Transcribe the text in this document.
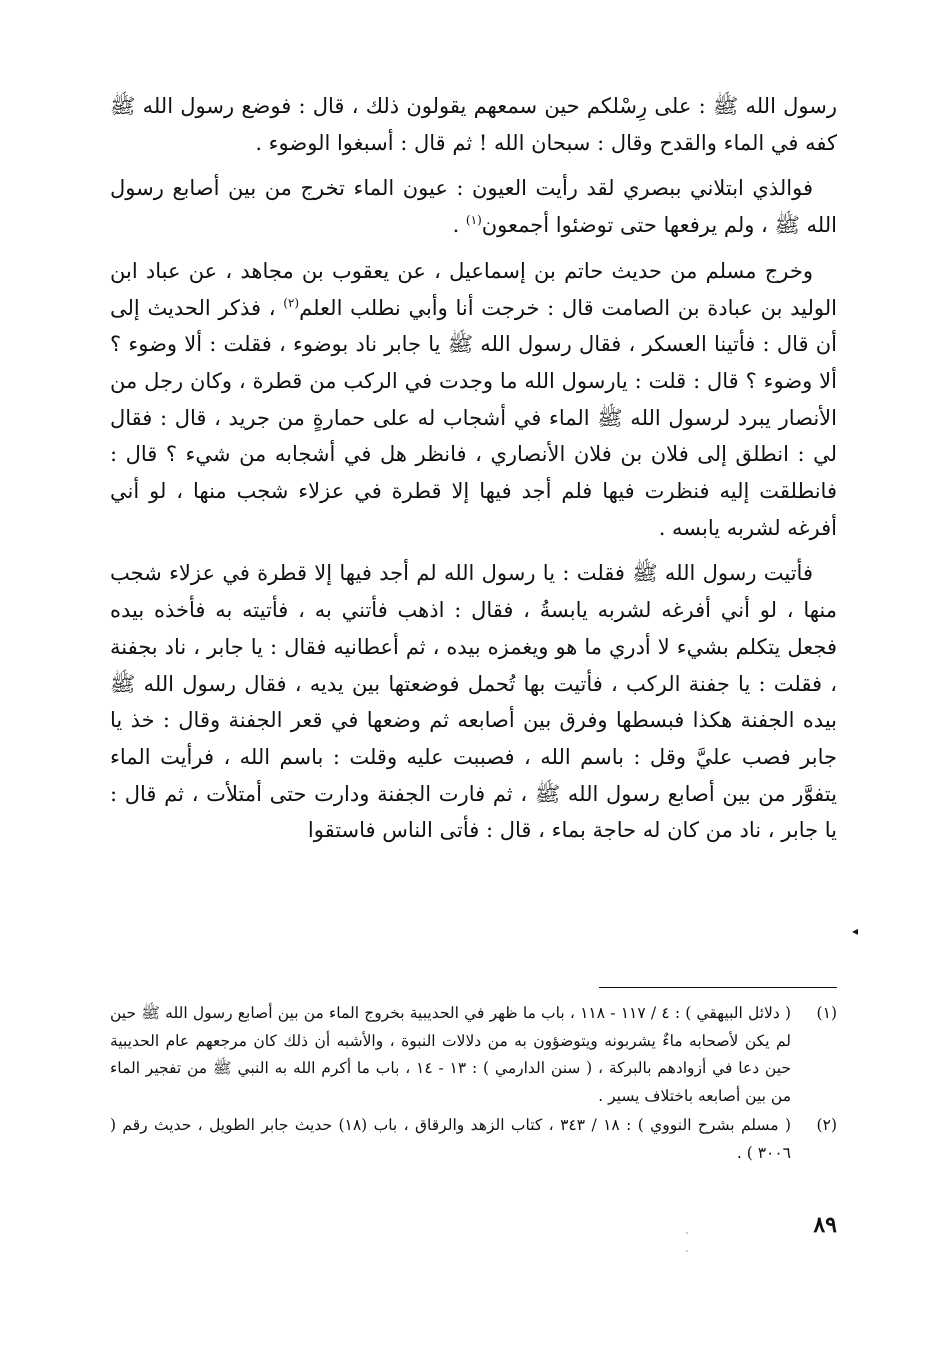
رسول الله ﷺ : على رِسْلكم حين سمعهم يقولون ذلك ، قال : فوضع رسول الله ﷺ كفه في الماء والقدح وقال : سبحان الله ! ثم قال : أسبغوا الوضوء .

فوالذي ابتلاني ببصري لقد رأيت العيون : عيون الماء تخرج من بين أصابع رسول الله ﷺ ، ولم يرفعها حتى توضئوا أجمعون$^{(١)}$ .

وخرج مسلم من حديث حاتم بن إسماعيل ، عن يعقوب بن مجاهد ، عن عباد ابن الوليد بن عبادة بن الصامت قال : خرجت أنا وأبي نطلب العلم$^{(٢)}$ ، فذكر الحديث إلى أن قال : فأتينا العسكر ، فقال رسول الله ﷺ يا جابر ناد بوضوء ، فقلت : ألا وضوء ؟ ألا وضوء ؟ قال : قلت : يارسول الله ما وجدت في الركب من قطرة ، وكان رجل من الأنصار يبرد لرسول الله ﷺ الماء في أشجاب له على حمارةٍ من جريد ، قال : فقال لي : انطلق إلى فلان بن فلان الأنصاري ، فانظر هل في أشجابه من شيء ؟ قال : فانطلقت إليه فنظرت فيها فلم أجد فيها إلا قطرة في عزلاء شجب منها ، لو أني أفرغه لشربه يابسه .

فأتيت رسول الله ﷺ فقلت : يا رسول الله لم أجد فيها إلا قطرة في عزلاء شجب منها ، لو أني أفرغه لشربه يابسةُ ، فقال : اذهب فأتني به ، فأتيته به فأخذه بيده فجعل يتكلم بشيء لا أدري ما هو ويغمزه بيده ، ثم أعطانيه فقال : يا جابر ، ناد بجفنة ، فقلت : يا جفنة الركب ، فأتيت بها تُحمل فوضعتها بين يديه ، فقال رسول الله ﷺ بيده الجفنة هكذا فبسطها وفرق بين أصابعه ثم وضعها في قعر الجفنة وقال : خذ يا جابر فصب عليَّ وقل : باسم الله ، فصببت عليه وقلت : باسم الله ، فرأيت الماء يتفوَّر من بين أصابع رسول الله ﷺ ، ثم فارت الجفنة ودارت حتى أمتلأت ، ثم قال : يا جابر ، ناد من كان له حاجة بماء ، قال : فأتى الناس فاستقوا

◂
(١)
( دلائل البيهقي ) : ٤ / ١١٧ - ١١٨ ، باب ما ظهر في الحديبية بخروج الماء من بين أصابع رسول الله ﷺ حين لم يكن لأصحابه ماءٌ يشربونه ويتوضؤون به من دلالات النبوة ، والأشبه أن ذلك كان مرجعهم عام الحديبية حين دعا في أزوادهم بالبركة ، ( سنن الدارمي ) : ١٣ - ١٤ ، باب ما أكرم الله به النبي ﷺ من تفجير الماء من بين أصابعه باختلاف يسير .
(٢)
( مسلم بشرح النووي ) : ١٨ / ٣٤٣ ، كتاب الزهد والرقاق ، باب (١٨) حديث جابر الطويل ، حديث رقم ( ٣٠٠٦ ) .
٨٩
